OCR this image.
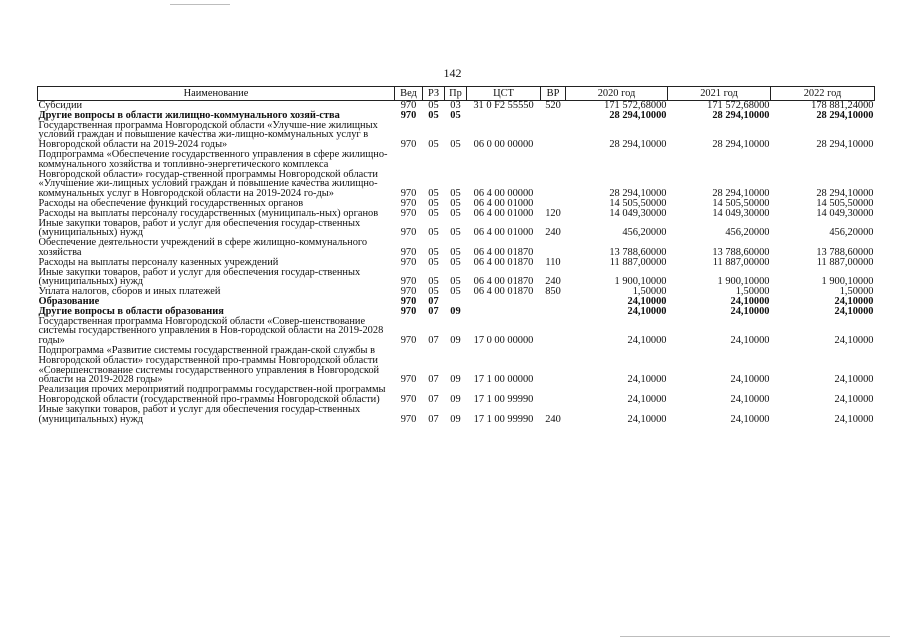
142
Наименование	Вед	РЗ	Пр	ЦСТ	ВР	2020 год	2021 год	2022 год
Субсидии	970	05	03	31 0 F2 55550	520	171 572,68000	171 572,68000	178 881,24000
Другие вопросы в области жилищно-коммунального хозяй-ства	970	05	05			28 294,10000	28 294,10000	28 294,10000
Государственная программа Новгородской области «Улучше-ние жилищных условий граждан и повышение качества жи-лищно-коммунальных услуг в Новгородской области на 2019-2024 годы»	970	05	05	06 0 00 00000		28 294,10000	28 294,10000	28 294,10000
Подпрограмма «Обеспечение государственного управления в сфере жилищно-коммунального хозяйства и топливно-энергетического комплекса Новгородской области» государ-ственной программы Новгородской области «Улучшение жи-лищных условий граждан и повышение качества жилищно-коммунальных услуг в Новгородской области на 2019-2024 го-ды»	970	05	05	06 4 00 00000		28 294,10000	28 294,10000	28 294,10000
Расходы на обеспечение функций государственных органов	970	05	05	06 4 00 01000		14 505,50000	14 505,50000	14 505,50000
Расходы на выплаты персоналу государственных (муниципаль-ных) органов	970	05	05	06 4 00 01000	120	14 049,30000	14 049,30000	14 049,30000
Иные закупки товаров, работ и услуг для обеспечения государ-ственных (муниципальных) нужд	970	05	05	06 4 00 01000	240	456,20000	456,20000	456,20000
Обеспечение деятельности учреждений в сфере жилищно-коммунального хозяйства	970	05	05	06 4 00 01870		13 788,60000	13 788,60000	13 788,60000
Расходы на выплаты персоналу казенных учреждений	970	05	05	06 4 00 01870	110	11 887,00000	11 887,00000	11 887,00000
Иные закупки товаров, работ и услуг для обеспечения государ-ственных (муниципальных) нужд	970	05	05	06 4 00 01870	240	1 900,10000	1 900,10000	1 900,10000
Уплата налогов, сборов и иных платежей	970	05	05	06 4 00 01870	850	1,50000	1,50000	1,50000
Образование	970	07				24,10000	24,10000	24,10000
Другие вопросы в области образования	970	07	09			24,10000	24,10000	24,10000
Государственная программа Новгородской области «Совер-шенствование системы государственного управления в Нов-городской области на 2019-2028 годы»	970	07	09	17 0 00 00000		24,10000	24,10000	24,10000
Подпрограмма «Развитие системы государственной граждан-ской службы в Новгородской области» государственной про-граммы Новгородской области «Совершенствование системы государственного управления в Новгородской области на 2019-2028 годы»	970	07	09	17 1 00 00000		24,10000	24,10000	24,10000
Реализация прочих мероприятий подпрограммы государствен-ной программы Новгородской области (государственной про-граммы Новгородской области)	970	07	09	17 1 00 99990		24,10000	24,10000	24,10000
Иные закупки товаров, работ и услуг для обеспечения государ-ственных (муниципальных) нужд	970	07	09	17 1 00 99990	240	24,10000	24,10000	24,10000
